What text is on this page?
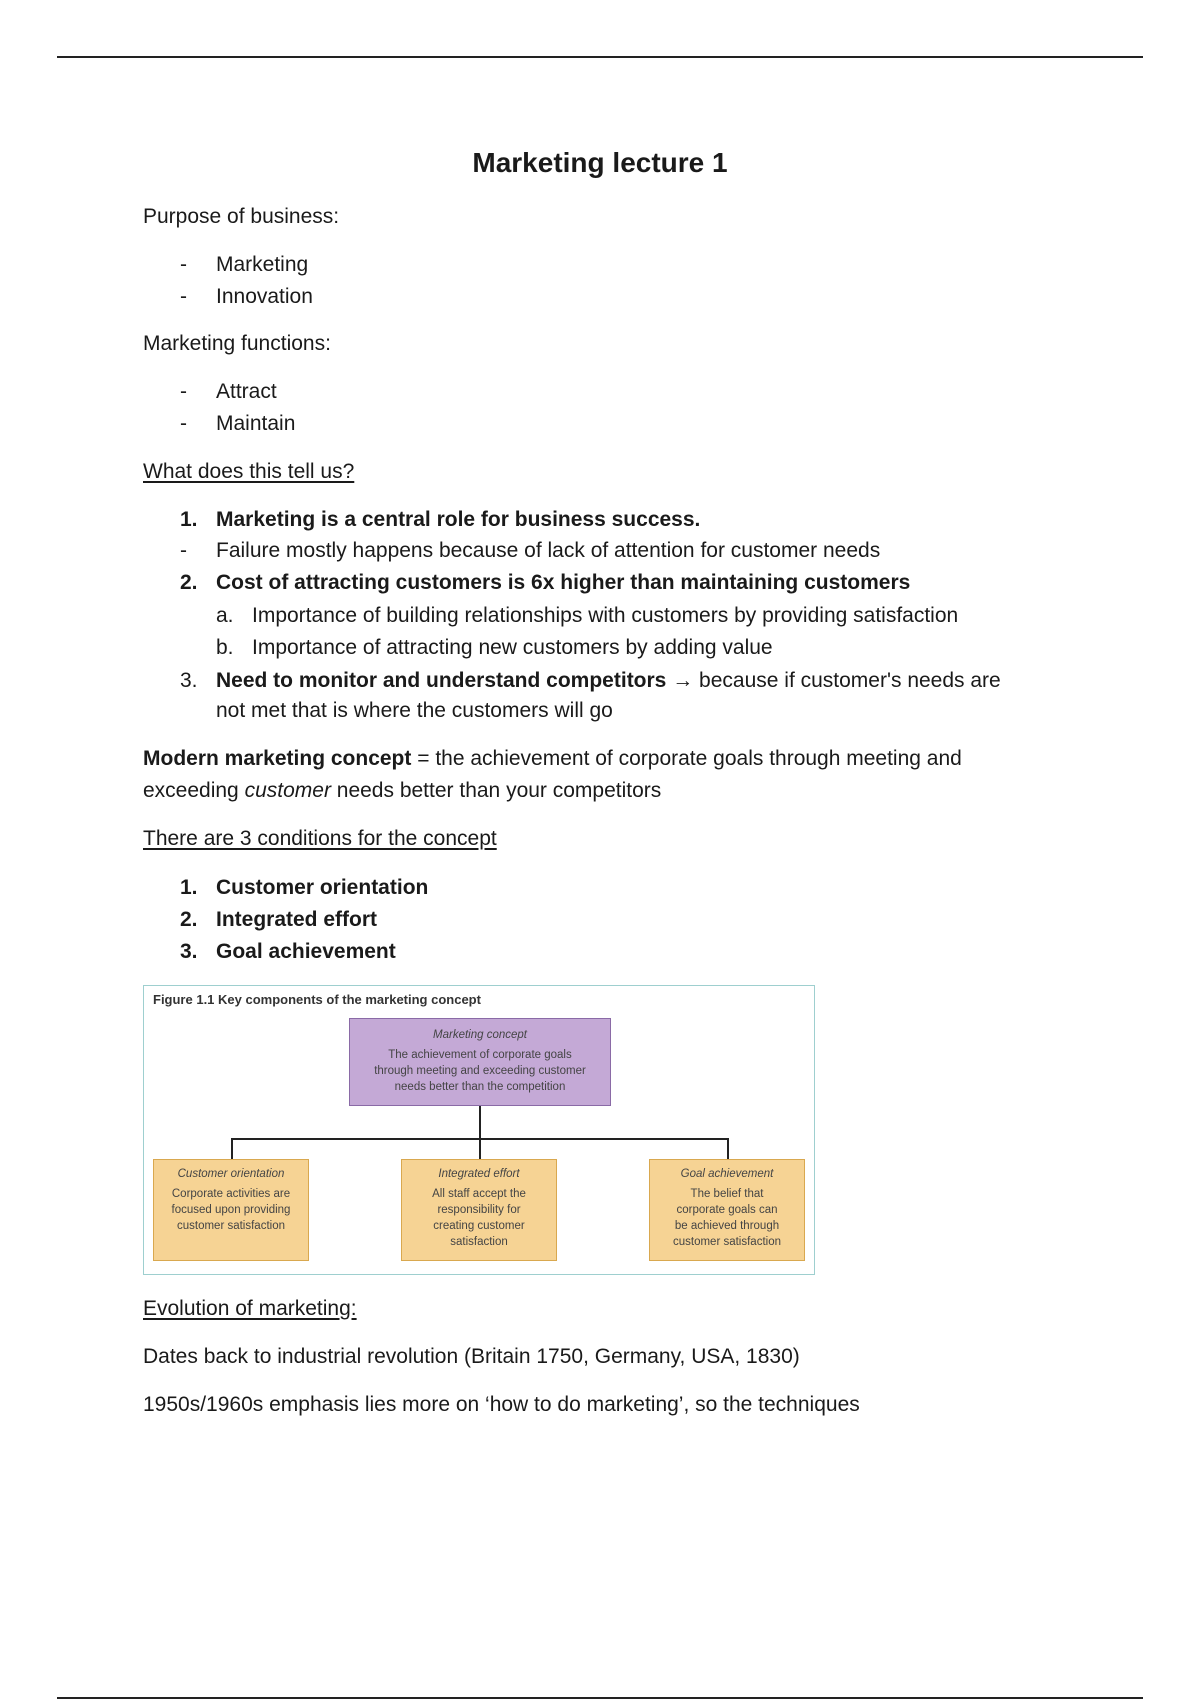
Marketing lecture 1
Purpose of business:
- Marketing
- Innovation
Marketing functions:
- Attract
- Maintain
What does this tell us?
1. Marketing is a central role for business success.
- Failure mostly happens because of lack of attention for customer needs
2. Cost of attracting customers is 6x higher than maintaining customers
a. Importance of building relationships with customers by providing satisfaction
b. Importance of attracting new customers by adding value
3. Need to monitor and understand competitors → because if customer's needs are
not met that is where the customers will go
Modern marketing concept = the achievement of corporate goals through meeting and
exceeding customer needs better than your competitors
There are 3 conditions for the concept
1. Customer orientation
2. Integrated effort
3. Goal achievement
Figure 1.1 Key components of the marketing concept
Marketing concept
The achievement of corporate goals
through meeting and exceeding customer
needs better than the competition
Customer orientation
Corporate activities are
focused upon providing
customer satisfaction
Integrated effort
All staff accept the
responsibility for
creating customer
satisfaction
Goal achievement
The belief that
corporate goals can
be achieved through
customer satisfaction
Evolution of marketing:
Dates back to industrial revolution (Britain 1750, Germany, USA, 1830)
1950s/1960s emphasis lies more on ‘how to do marketing’, so the techniques
